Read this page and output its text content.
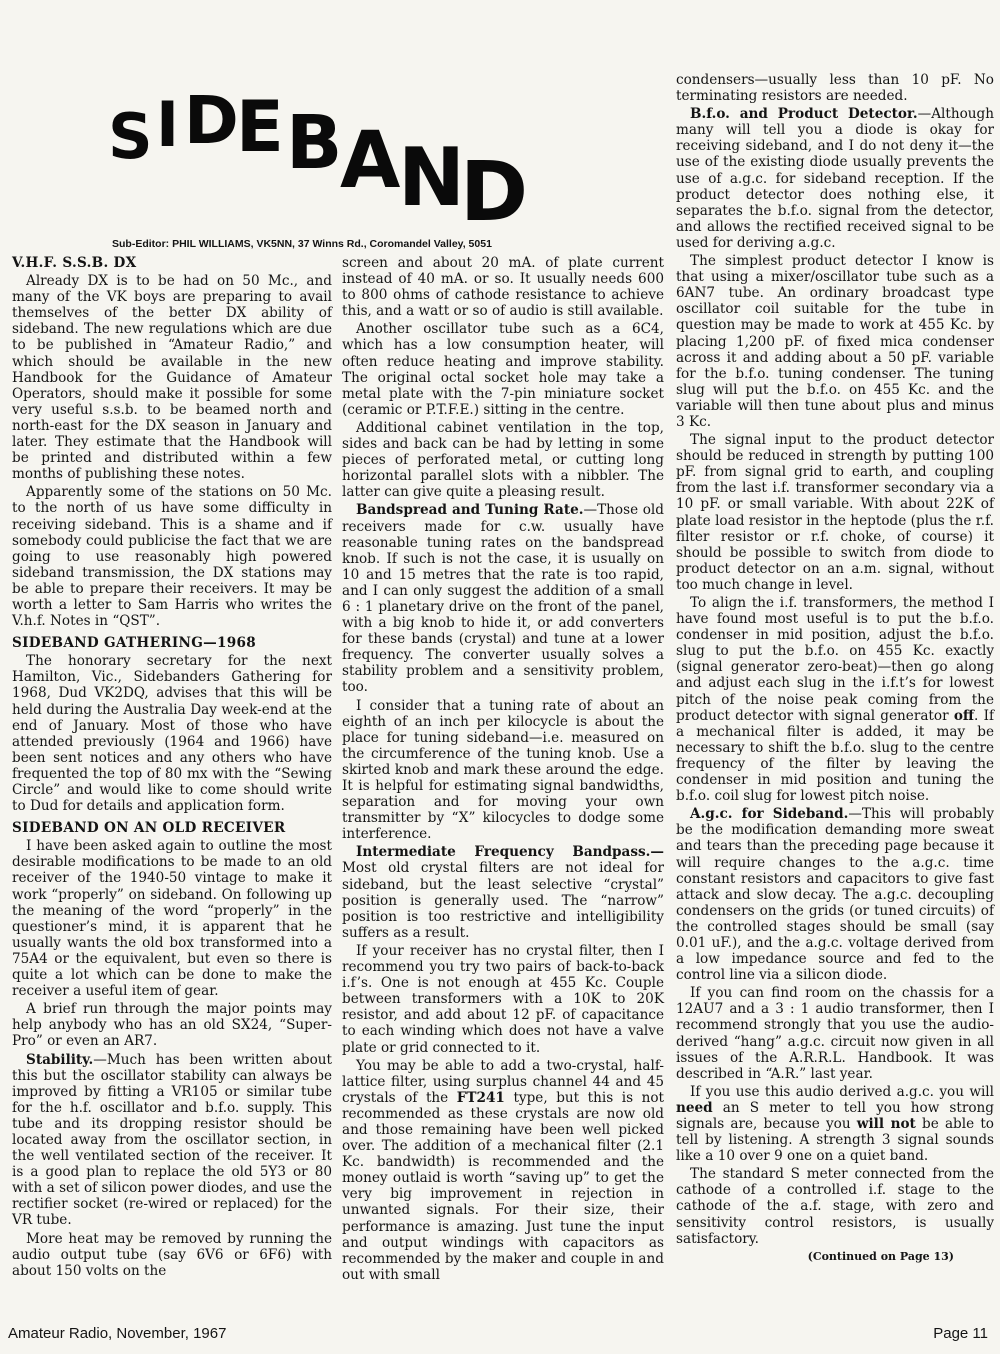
S I D
E B
A
N
D
Sub-Editor: PHIL WILLIAMS, VK5NN, 37 Winns Rd., Coromandel Valley, 5051
V.H.F. S.S.B. DX

Already DX is to be had on 50 Mc., and many of the VK boys are preparing to avail themselves of the better DX ability of sideband. The new regulations which are due to be published in “Amateur Radio,” and which should be available in the new Handbook for the Guidance of Amateur Operators, should make it possible for some very useful s.s.b. to be beamed north and north-east for the DX season in January and later. They estimate that the Handbook will be printed and distributed within a few months of publishing these notes.

Apparently some of the stations on 50 Mc. to the north of us have some difficulty in receiving sideband. This is a shame and if somebody could publicise the fact that we are going to use reasonably high powered sideband transmission, the DX stations may be able to prepare their receivers. It may be worth a letter to Sam Harris who writes the V.h.f. Notes in “QST”.

SIDEBAND GATHERING—1968

The honorary secretary for the next Hamilton, Vic., Sidebanders Gathering for 1968, Dud VK2DQ, advises that this will be held during the Australia Day week-end at the end of January. Most of those who have attended previously (1964 and 1966) have been sent notices and any others who have frequented the top of 80 mx with the “Sewing Circle” and would like to come should write to Dud for details and application form.

SIDEBAND ON AN OLD RECEIVER

I have been asked again to outline the most desirable modifications to be made to an old receiver of the 1940-50 vintage to make it work “properly” on sideband. On following up the meaning of the word “properly” in the questioner’s mind, it is apparent that he usually wants the old box transformed into a 75A4 or the equivalent, but even so there is quite a lot which can be done to make the receiver a useful item of gear.

A brief run through the major points may help anybody who has an old SX24, “Super-Pro” or even an AR7.

Stability.—Much has been written about this but the oscillator stability can always be improved by fitting a VR105 or similar tube for the h.f. oscillator and b.f.o. supply. This tube and its dropping resistor should be located away from the oscillator section, in the well ventilated section of the receiver. It is a good plan to replace the old 5Y3 or 80 with a set of silicon power diodes, and use the rectifier socket (re-wired or replaced) for the VR tube.

More heat may be removed by running the audio output tube (say 6V6 or 6F6) with about 150 volts on the

screen and about 20 mA. of plate current instead of 40 mA. or so. It usually needs 600 to 800 ohms of cathode resistance to achieve this, and a watt or so of audio is still available.

Another oscillator tube such as a 6C4, which has a low consumption heater, will often reduce heating and improve stability. The original octal socket hole may take a metal plate with the 7-pin miniature socket (ceramic or P.T.F.E.) sitting in the centre.

Additional cabinet ventilation in the top, sides and back can be had by letting in some pieces of perforated metal, or cutting long horizontal parallel slots with a nibbler. The latter can give quite a pleasing result.

Bandspread and Tuning Rate.—Those old receivers made for c.w. usually have reasonable tuning rates on the bandspread knob. If such is not the case, it is usually on 10 and 15 metres that the rate is too rapid, and I can only suggest the addition of a small 6 : 1 planetary drive on the front of the panel, with a big knob to hide it, or add converters for these bands (crystal) and tune at a lower frequency. The converter usually solves a stability problem and a sensitivity problem, too.

I consider that a tuning rate of about an eighth of an inch per kilocycle is about the place for tuning sideband—i.e. measured on the circumference of the tuning knob. Use a skirted knob and mark these around the edge. It is helpful for estimating signal bandwidths, separation and for moving your own transmitter by “X” kilocycles to dodge some interference.

Intermediate Frequency Bandpass.— Most old crystal filters are not ideal for sideband, but the least selective “crystal” position is generally used. The “narrow” position is too restrictive and intelligibility suffers as a result.

If your receiver has no crystal filter, then I recommend you try two pairs of back-to-back i.f’s. One is not enough at 455 Kc. Couple between transformers with a 10K to 20K resistor, and add about 12 pF. of capacitance to each winding which does not have a valve plate or grid connected to it.

You may be able to add a two-crystal, half-lattice filter, using surplus channel 44 and 45 crystals of the FT241 type, but this is not recommended as these crystals are now old and those remaining have been well picked over. The addition of a mechanical filter (2.1 Kc. bandwidth) is recommended and the money outlaid is worth “saving up” to get the very big improvement in rejection in unwanted signals. For their size, their performance is amazing. Just tune the input and output windings with capacitors as recommended by the maker and couple in and out with small

condensers—usually less than 10 pF. No terminating resistors are needed.

B.f.o. and Product Detector.—Although many will tell you a diode is okay for receiving sideband, and I do not deny it—the use of the existing diode usually prevents the use of a.g.c. for sideband reception. If the product detector does nothing else, it separates the b.f.o. signal from the detector, and allows the rectified received signal to be used for deriving a.g.c.

The simplest product detector I know is that using a mixer/oscillator tube such as a 6AN7 tube. An ordinary broadcast type oscillator coil suitable for the tube in question may be made to work at 455 Kc. by placing 1,200 pF. of fixed mica condenser across it and adding about a 50 pF. variable for the b.f.o. tuning condenser. The tuning slug will put the b.f.o. on 455 Kc. and the variable will then tune about plus and minus 3 Kc.

The signal input to the product detector should be reduced in strength by putting 100 pF. from signal grid to earth, and coupling from the last i.f. transformer secondary via a 10 pF. or small variable. With about 22K of plate load resistor in the heptode (plus the r.f. filter resistor or r.f. choke, of course) it should be possible to switch from diode to product detector on an a.m. signal, without too much change in level.

To align the i.f. transformers, the method I have found most useful is to put the b.f.o. condenser in mid position, adjust the b.f.o. slug to put the b.f.o. on 455 Kc. exactly (signal generator zero-beat)—then go along and adjust each slug in the i.f.t’s for lowest pitch of the noise peak coming from the product detector with signal generator off. If a mechanical filter is added, it may be necessary to shift the b.f.o. slug to the centre frequency of the filter by leaving the condenser in mid position and tuning the b.f.o. coil slug for lowest pitch noise.

A.g.c. for Sideband.—This will probably be the modification demanding more sweat and tears than the preceding page because it will require changes to the a.g.c. time constant resistors and capacitors to give fast attack and slow decay. The a.g.c. decoupling condensers on the grids (or tuned circuits) of the controlled stages should be small (say 0.01 uF.), and the a.g.c. voltage derived from a low impedance source and fed to the control line via a silicon diode.

If you can find room on the chassis for a 12AU7 and a 3 : 1 audio transformer, then I recommend strongly that you use the audio-derived “hang” a.g.c. circuit now given in all issues of the A.R.R.L. Handbook. It was described in “A.R.” last year.

If you use this audio derived a.g.c. you will need an S meter to tell you how strong signals are, because you will not be able to tell by listening. A strength 3 signal sounds like a 10 over 9 one on a quiet band.

The standard S meter connected from the cathode of a controlled i.f. stage to the cathode of the a.f. stage, with zero and sensitivity control resistors, is usually satisfactory.

(Continued on Page 13)
Amateur Radio, November, 1967	Page 11
